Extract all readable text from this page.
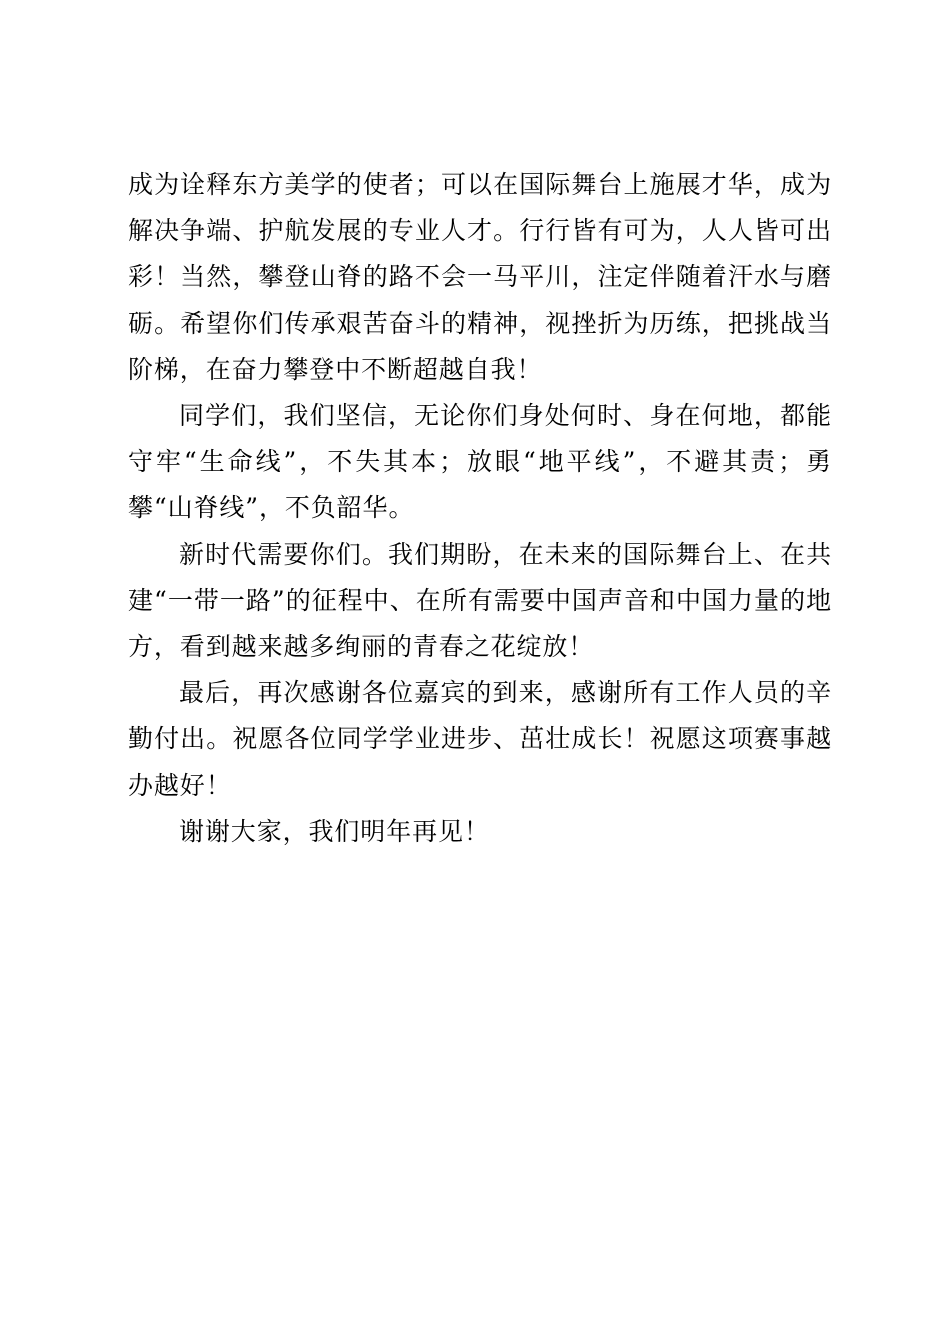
成为诠释东方美学的使者；可以在国际舞台上施展才华，成为解决争端、护航发展的专业人才。行行皆有可为，人人皆可出彩！当然，攀登山脊的路不会一马平川，注定伴随着汗水与磨砺。希望你们传承艰苦奋斗的精神，视挫折为历练，把挑战当阶梯，在奋力攀登中不断超越自我！

同学们，我们坚信，无论你们身处何时、身在何地，都能守牢“生命线”，不失其本；放眼“地平线”，不避其责；勇攀“山脊线”，不负韶华。

新时代需要你们。我们期盼，在未来的国际舞台上、在共建“一带一路”的征程中、在所有需要中国声音和中国力量的地方，看到越来越多绚丽的青春之花绽放！

最后，再次感谢各位嘉宾的到来，感谢所有工作人员的辛勤付出。祝愿各位同学学业进步、茁壮成长！祝愿这项赛事越办越好！

谢谢大家，我们明年再见！
